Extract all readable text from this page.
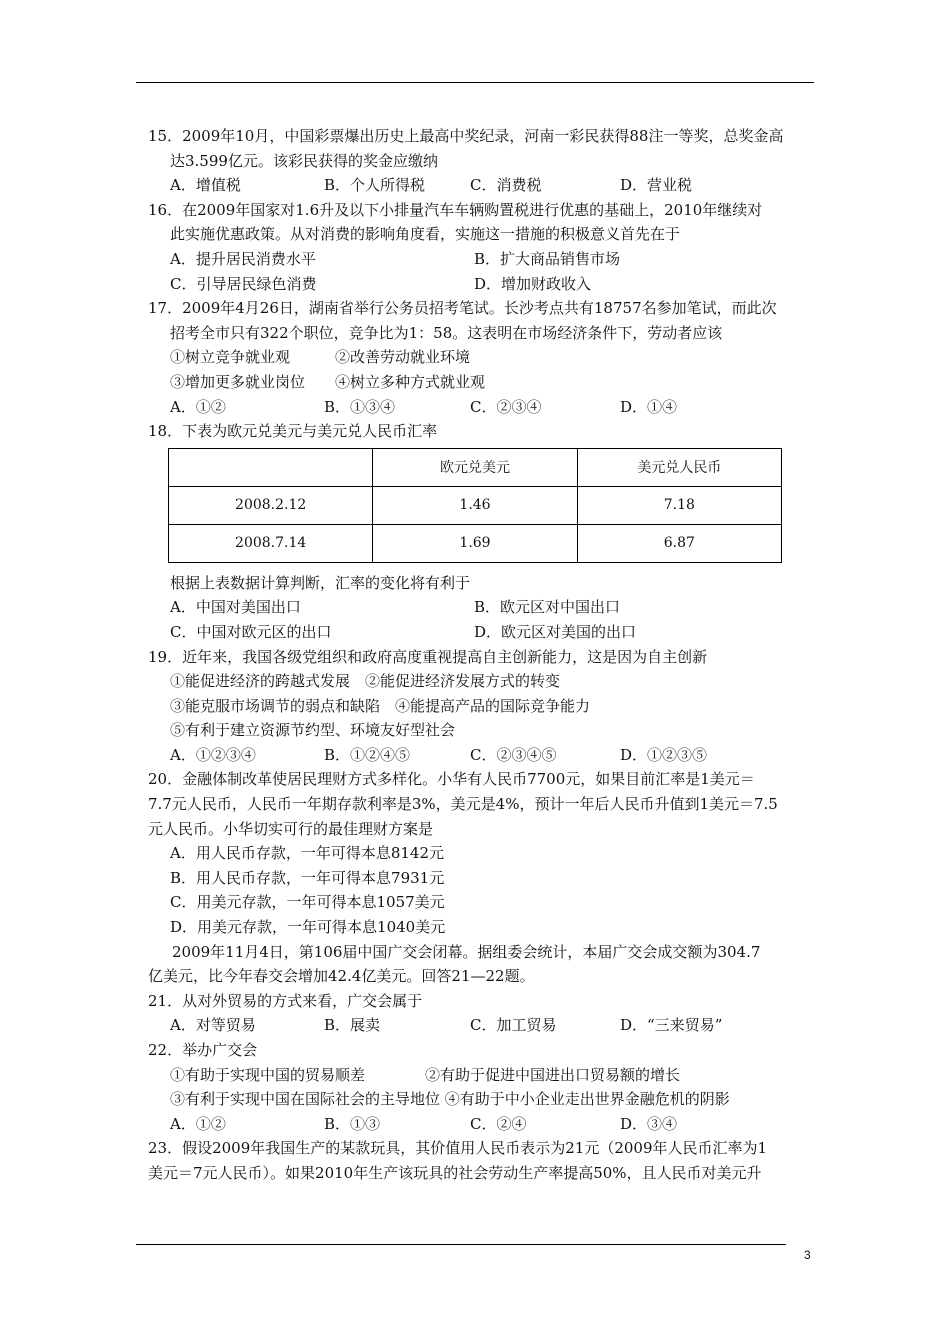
15．2009年10月，中国彩票爆出历史上最高中奖纪录，河南一彩民获得88注一等奖，总奖金高
达3.599亿元。该彩民获得的奖金应缴纳
A．增值税	B．个人所得税	C．消费税	D．营业税
16．在2009年国家对1.6升及以下小排量汽车车辆购置税进行优惠的基础上，2010年继续对
此实施优惠政策。从对消费的影响角度看，实施这一措施的积极意义首先在于
A．提升居民消费水平	B．扩大商品销售市场
C．引导居民绿色消费	D．增加财政收入
17．2009年4月26日，湖南省举行公务员招考笔试。长沙考点共有18757名参加笔试，而此次
招考全市只有322个职位，竞争比为1：58。这表明在市场经济条件下，劳动者应该
①树立竞争就业观　　　②改善劳动就业环境
③增加更多就业岗位　　④树立多种方式就业观
A．①②	B．①③④	C．②③④	D．①④
18．下表为欧元兑美元与美元兑人民币汇率
	欧元兑美元	美元兑人民币
2008.2.12	1.46	7.18
2008.7.14	1.69	6.87
根据上表数据计算判断，汇率的变化将有利于
A．中国对美国出口	B．欧元区对中国出口
C．中国对欧元区的出口	D．欧元区对美国的出口
19．近年来，我国各级党组织和政府高度重视提高自主创新能力，这是因为自主创新
①能促进经济的跨越式发展　②能促进经济发展方式的转变
③能克服市场调节的弱点和缺陷　④能提高产品的国际竞争能力
⑤有利于建立资源节约型、环境友好型社会
A．①②③④	B．①②④⑤	C．②③④⑤	D．①②③⑤
20．金融体制改革使居民理财方式多样化。小华有人民币7700元，如果目前汇率是1美元＝
7.7元人民币，人民币一年期存款利率是3%，美元是4%，预计一年后人民币升值到1美元＝7.5
元人民币。小华切实可行的最佳理财方案是
A．用人民币存款，一年可得本息8142元
B．用人民币存款，一年可得本息7931元
C．用美元存款，一年可得本息1057美元
D．用美元存款，一年可得本息1040美元
2009年11月4日，第106届中国广交会闭幕。据组委会统计，本届广交会成交额为304.7
亿美元，比今年春交会增加42.4亿美元。回答21—22题。
21．从对外贸易的方式来看，广交会属于
A．对等贸易	B．展卖	C．加工贸易	D．“三来贸易”
22．举办广交会
①有助于实现中国的贸易顺差　　　　②有助于促进中国进出口贸易额的增长
③有利于实现中国在国际社会的主导地位 ④有助于中小企业走出世界金融危机的阴影
A．①②	B．①③	C．②④	D．③④
23．假设2009年我国生产的某款玩具，其价值用人民币表示为21元（2009年人民币汇率为1
美元＝7元人民币）。如果2010年生产该玩具的社会劳动生产率提高50%，且人民币对美元升
3
